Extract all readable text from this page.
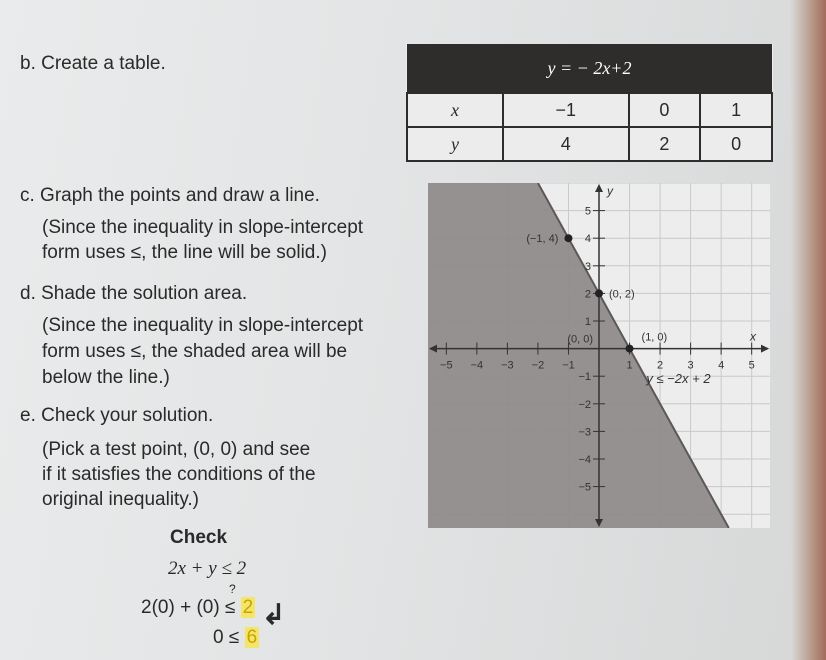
b. Create a table.	y = − 2x+2			
x	−1	0	1
y	4	2	0
c. Graph the points and draw a line.
(Since the inequality in slope-intercept
form uses ≤, the line will be solid.)
d. Shade the solution area.
(Since the inequality in slope-intercept
form uses ≤, the shaded area will be
below the line.)
e. Check your solution.
(Pick a test point, (0, 0) and see
if it satisfies the conditions of the
original inequality.)
Check
2x + y ≤ 2
?
2(0) + (0) ≤ 2
0 ≤ 6
↲
−5 −4 −3 −2 −1	1 2 3 4 5
5
4
3
2
1
−1
−2
−3
−4
−5
x
y
(−1, 4)
(0, 2)
(1, 0)
(0, 0)
y ≤ −2x + 2
